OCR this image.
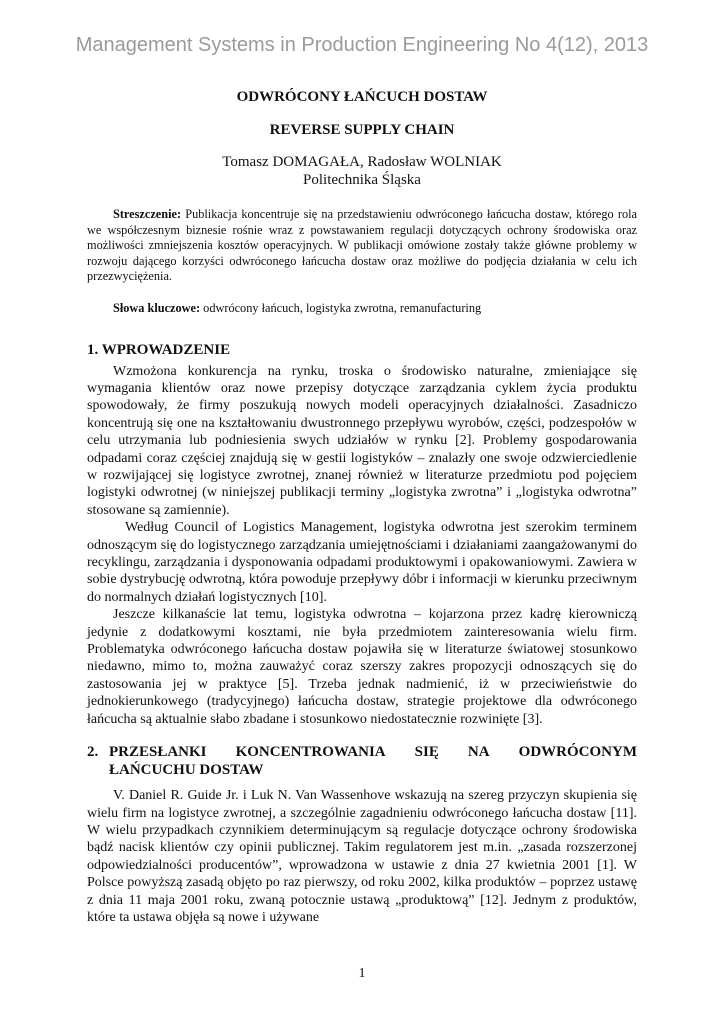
Management Systems in Production Engineering No 4(12), 2013
ODWRÓCONY ŁAŃCUCH DOSTAW
REVERSE SUPPLY CHAIN
Tomasz DOMAGAŁA, Radosław WOLNIAK
Politechnika Śląska
Streszczenie: Publikacja koncentruje się na przedstawieniu odwróconego łańcucha dostaw, którego rola we współczesnym biznesie rośnie wraz z powstawaniem regulacji dotyczących ochrony środowiska oraz możliwości zmniejszenia kosztów operacyjnych. W publikacji omówione zostały także główne problemy w rozwoju dającego korzyści odwróconego łańcucha dostaw oraz możliwe do podjęcia działania w celu ich przezwyciężenia.
Słowa kluczowe: odwrócony łańcuch, logistyka zwrotna, remanufacturing
1. WPROWADZENIE

Wzmożona konkurencja na rynku, troska o środowisko naturalne, zmieniające się wymagania klientów oraz nowe przepisy dotyczące zarządzania cyklem życia produktu spowodowały, że firmy poszukują nowych modeli operacyjnych działalności. Zasadniczo koncentrują się one na kształtowaniu dwustronnego przepływu wyrobów, części, podzespołów w celu utrzymania lub podniesienia swych udziałów w rynku [2]. Problemy gospodarowania odpadami coraz częściej znajdują się w gestii logistyków – znalazły one swoje odzwierciedlenie w rozwijającej się logistyce zwrotnej, znanej również w literaturze przedmiotu pod pojęciem logistyki odwrotnej (w niniejszej publikacji terminy „logistyka zwrotna” i „logistyka odwrotna” stosowane są zamiennie).

Według Council of Logistics Management, logistyka odwrotna jest szerokim terminem odnoszącym się do logistycznego zarządzania umiejętnościami i działaniami zaangażowanymi do recyklingu, zarządzania i dysponowania odpadami produktowymi i opakowaniowymi. Zawiera w sobie dystrybucję odwrotną, która powoduje przepływy dóbr i informacji w kierunku przeciwnym do normalnych działań logistycznych [10].

Jeszcze kilkanaście lat temu, logistyka odwrotna – kojarzona przez kadrę kierowniczą jedynie z dodatkowymi kosztami, nie była przedmiotem zainteresowania wielu firm. Problematyka odwróconego łańcucha dostaw pojawiła się w literaturze światowej stosunkowo niedawno, mimo to, można zauważyć coraz szerszy zakres propozycji odnoszących się do zastosowania jej w praktyce [5]. Trzeba jednak nadmienić, iż w przeciwieństwie do jednokierunkowego (tradycyjnego) łańcucha dostaw, strategie projektowe dla odwróconego łańcucha są aktualnie słabo zbadane i stosunkowo niedostatecznie rozwinięte [3].

2. PRZESŁANKI KONCENTROWANIA SIĘ NA ODWRÓCONYM
ŁAŃCUCHU DOSTAW

V. Daniel R. Guide Jr. i Luk N. Van Wassenhove wskazują na szereg przyczyn skupienia się wielu firm na logistyce zwrotnej, a szczególnie zagadnieniu odwróconego łańcucha dostaw [11]. W wielu przypadkach czynnikiem determinującym są regulacje dotyczące ochrony środowiska bądź nacisk klientów czy opinii publicznej. Takim regulatorem jest m.in. „zasada rozszerzonej odpowiedzialności producentów”, wprowadzona w ustawie z dnia 27 kwietnia 2001 [1]. W Polsce powyższą zasadą objęto po raz pierwszy, od roku 2002, kilka produktów – poprzez ustawę z dnia 11 maja 2001 roku, zwaną potocznie ustawą „produktową” [12]. Jednym z produktów, które ta ustawa objęła są nowe i używane

1
